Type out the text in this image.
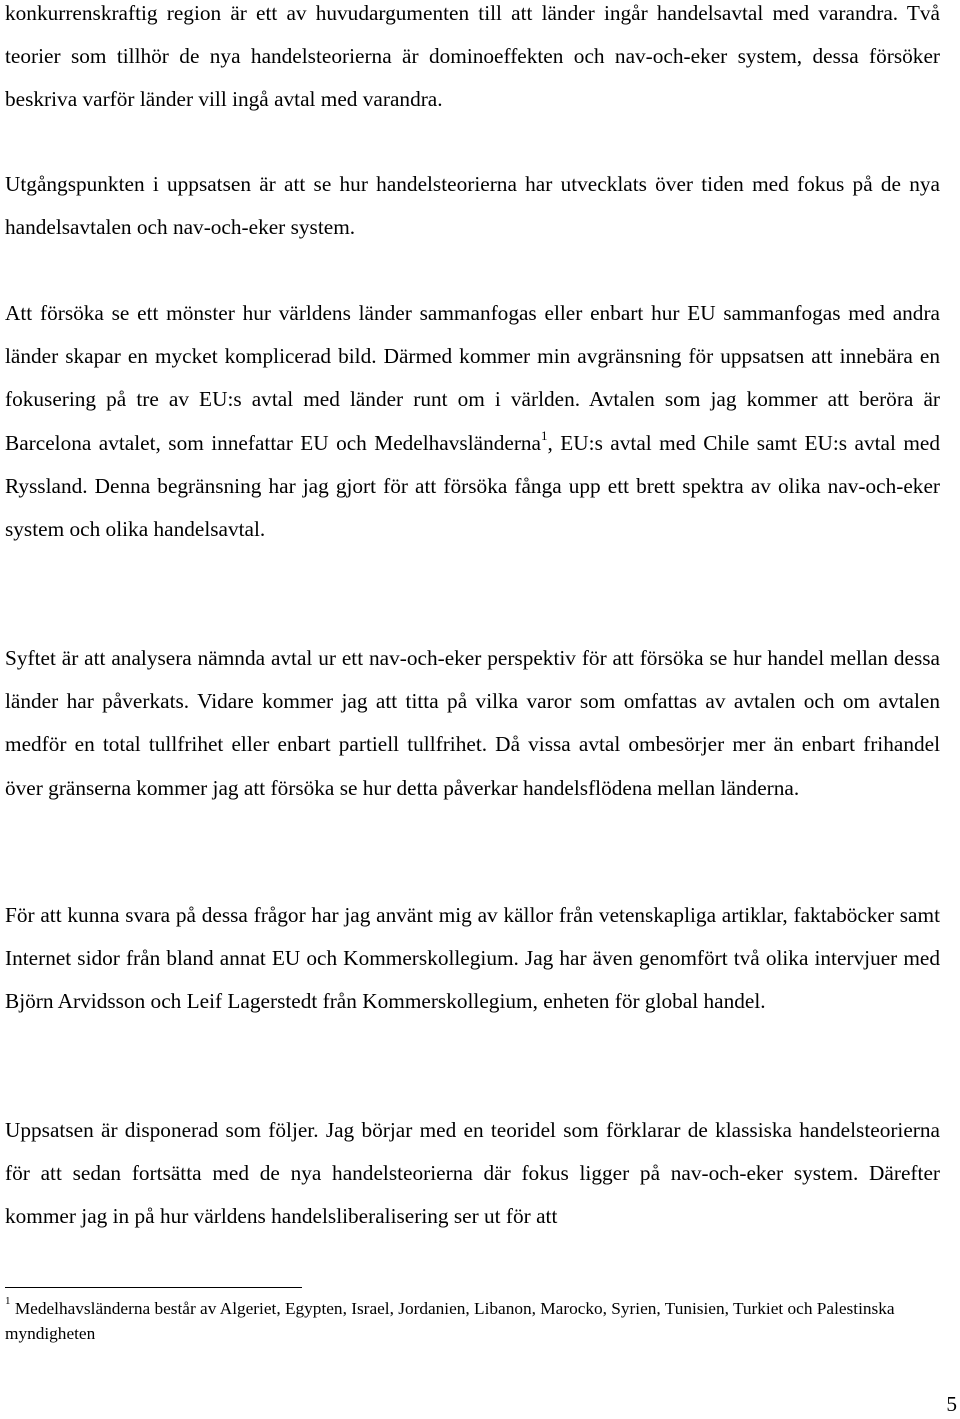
konkurrenskraftig region är ett av huvudargumenten till att länder ingår handelsavtal med varandra. Två teorier som tillhör de nya handelsteorierna är dominoeffekten och nav-och-eker system, dessa försöker beskriva varför länder vill ingå avtal med varandra.

Utgångspunkten i uppsatsen är att se hur handelsteorierna har utvecklats över tiden med fokus på de nya handelsavtalen och nav-och-eker system.

Att försöka se ett mönster hur världens länder sammanfogas eller enbart hur EU sammanfogas med andra länder skapar en mycket komplicerad bild. Därmed kommer min avgränsning för uppsatsen att innebära en fokusering på tre av EU:s avtal med länder runt om i världen. Avtalen som jag kommer att beröra är Barcelona avtalet, som innefattar EU och Medelhavsländerna$^1$, EU:s avtal med Chile samt EU:s avtal med Ryssland. Denna begränsning har jag gjort för att försöka fånga upp ett brett spektra av olika nav-och-eker system och olika handelsavtal.

Syftet är att analysera nämnda avtal ur ett nav-och-eker perspektiv för att försöka se hur handel mellan dessa länder har påverkats. Vidare kommer jag att titta på vilka varor som omfattas av avtalen och om avtalen medför en total tullfrihet eller enbart partiell tullfrihet. Då vissa avtal ombesörjer mer än enbart frihandel över gränserna kommer jag att försöka se hur detta påverkar handelsflödena mellan länderna.

För att kunna svara på dessa frågor har jag använt mig av källor från vetenskapliga artiklar, faktaböcker samt Internet sidor från bland annat EU och Kommerskollegium. Jag har även genomfört två olika intervjuer med Björn Arvidsson och Leif Lagerstedt från Kommerskollegium, enheten för global handel.

Uppsatsen är disponerad som följer. Jag börjar med en teoridel som förklarar de klassiska handelsteorierna för att sedan fortsätta med de nya handelsteorierna där fokus ligger på nav-och-eker system. Därefter kommer jag in på hur världens handelsliberalisering ser ut för att

$^1$ Medelhavsländerna består av Algeriet, Egypten, Israel, Jordanien, Libanon, Marocko, Syrien, Tunisien, Turkiet och Palestinska myndigheten

5
